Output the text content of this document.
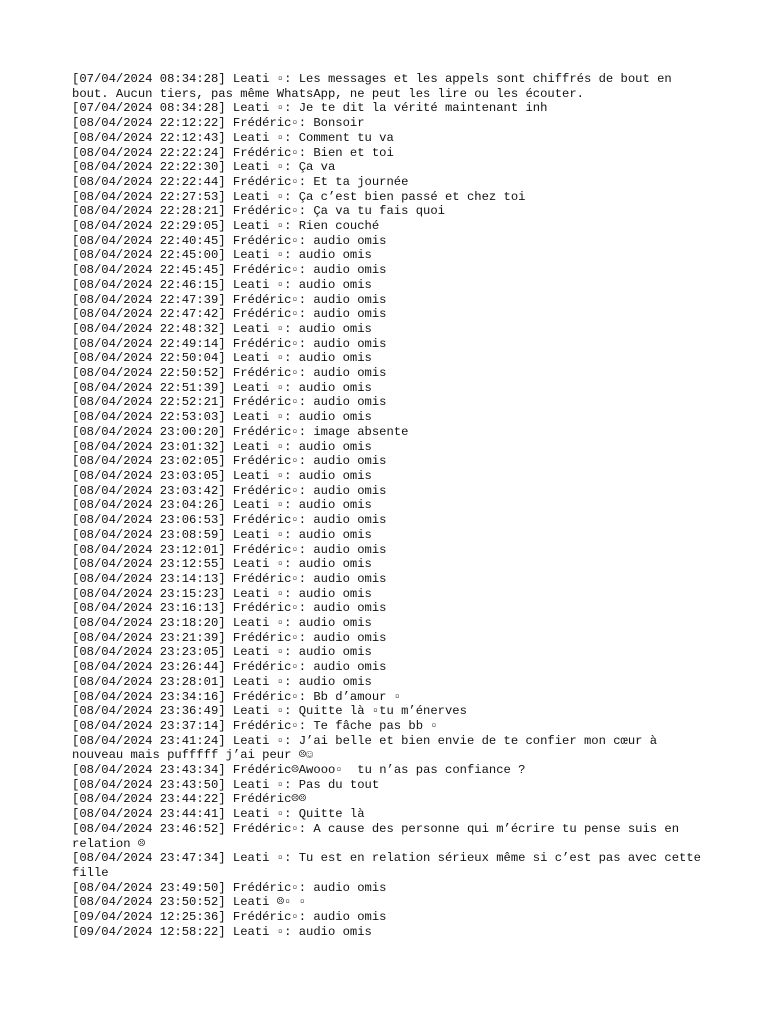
[07/04/2024 08:34:28] Leati ▫: Les messages et les appels sont chiffrés de bout en bout. Aucun tiers, pas même WhatsApp, ne peut les lire ou les écouter.

[07/04/2024 08:34:28] Leati ▫: Je te dit la vérité maintenant inh

[08/04/2024 22:12:22] Frédéric▫: Bonsoir

[08/04/2024 22:12:43] Leati ▫: Comment tu va

[08/04/2024 22:22:24] Frédéric▫: Bien et toi

[08/04/2024 22:22:30] Leati ▫: Ça va

[08/04/2024 22:22:44] Frédéric▫: Et ta journée

[08/04/2024 22:27:53] Leati ▫: Ça c’est bien passé et chez toi

[08/04/2024 22:28:21] Frédéric▫: Ça va tu fais quoi

[08/04/2024 22:29:05] Leati ▫: Rien couché

[08/04/2024 22:40:45] Frédéric▫: audio omis

[08/04/2024 22:45:00] Leati ▫: audio omis

[08/04/2024 22:45:45] Frédéric▫: audio omis

[08/04/2024 22:46:15] Leati ▫: audio omis

[08/04/2024 22:47:39] Frédéric▫: audio omis

[08/04/2024 22:47:42] Frédéric▫: audio omis

[08/04/2024 22:48:32] Leati ▫: audio omis

[08/04/2024 22:49:14] Frédéric▫: audio omis

[08/04/2024 22:50:04] Leati ▫: audio omis

[08/04/2024 22:50:52] Frédéric▫: audio omis

[08/04/2024 22:51:39] Leati ▫: audio omis

[08/04/2024 22:52:21] Frédéric▫: audio omis

[08/04/2024 22:53:03] Leati ▫: audio omis

[08/04/2024 23:00:20] Frédéric▫: image absente

[08/04/2024 23:01:32] Leati ▫: audio omis

[08/04/2024 23:02:05] Frédéric▫: audio omis

[08/04/2024 23:03:05] Leati ▫: audio omis

[08/04/2024 23:03:42] Frédéric▫: audio omis

[08/04/2024 23:04:26] Leati ▫: audio omis

[08/04/2024 23:06:53] Frédéric▫: audio omis

[08/04/2024 23:08:59] Leati ▫: audio omis

[08/04/2024 23:12:01] Frédéric▫: audio omis

[08/04/2024 23:12:55] Leati ▫: audio omis

[08/04/2024 23:14:13] Frédéric▫: audio omis

[08/04/2024 23:15:23] Leati ▫: audio omis

[08/04/2024 23:16:13] Frédéric▫: audio omis

[08/04/2024 23:18:20] Leati ▫: audio omis

[08/04/2024 23:21:39] Frédéric▫: audio omis

[08/04/2024 23:23:05] Leati ▫: audio omis

[08/04/2024 23:26:44] Frédéric▫: audio omis

[08/04/2024 23:28:01] Leati ▫: audio omis

[08/04/2024 23:34:16] Frédéric▫: Bb d’amour ▫

[08/04/2024 23:36:49] Leati ▫: Quitte là ▫tu m’énerves

[08/04/2024 23:37:14] Frédéric▫: Te fâche pas bb ▫

[08/04/2024 23:41:24] Leati ▫: J’ai belle et bien envie de te confier mon cœur à nouveau mais pufffff j’ai peur ☹☺

[08/04/2024 23:43:34] Frédéric☹Awooo▫  tu n’as pas confiance ?

[08/04/2024 23:43:50] Leati ▫: Pas du tout

[08/04/2024 23:44:22] Frédéric☹☹

[08/04/2024 23:44:41] Leati ▫: Quitte là

[08/04/2024 23:46:52] Frédéric▫: A cause des personne qui m’écrire tu pense suis en relation ☹

[08/04/2024 23:47:34] Leati ▫: Tu est en relation sérieux même si c’est pas avec cette fille

[08/04/2024 23:49:50] Frédéric▫: audio omis

[08/04/2024 23:50:52] Leati ☹▫ ▫

[09/04/2024 12:25:36] Frédéric▫: audio omis

[09/04/2024 12:58:22] Leati ▫: audio omis
